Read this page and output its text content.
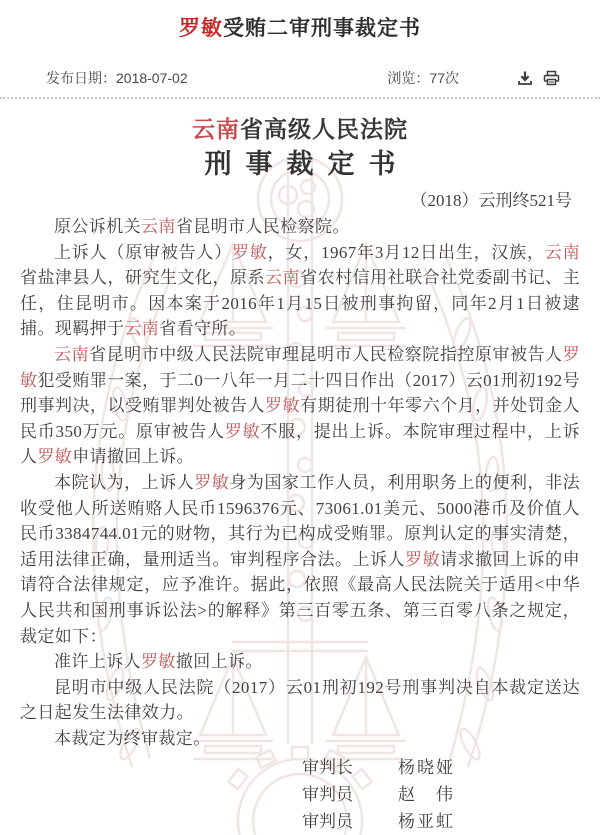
罗敏受贿二审刑事裁定书
发布日期：2018-07-02	浏览：77次
云南省高级人民法院
刑事裁定书
（2018）云刑终521号

原公诉机关云南省昆明市人民检察院。

上诉人（原审被告人）罗敏，女，1967年3月12日出生，汉族，云南省盐津县人，研究生文化，原系云南省农村信用社联合社党委副书记、主任，住昆明市。因本案于2016年1月15日被刑事拘留，同年2月1日被逮捕。现羁押于云南省看守所。

云南省昆明市中级人民法院审理昆明市人民检察院指控原审被告人罗敏犯受贿罪一案，于二0一八年一月二十四日作出（2017）云01刑初192号刑事判决，以受贿罪判处被告人罗敏有期徒刑十年零六个月，并处罚金人民币350万元。原审被告人罗敏不服，提出上诉。本院审理过程中，上诉人罗敏申请撤回上诉。

本院认为，上诉人罗敏身为国家工作人员，利用职务上的便利，非法收受他人所送贿赂人民币1596376元、73061.01美元、5000港币及价值人民币3384744.01元的财物，其行为已构成受贿罪。原判认定的事实清楚，适用法律正确，量刑适当。审判程序合法。上诉人罗敏请求撤回上诉的申请符合法律规定，应予准许。据此，依照《最高人民法院关于适用<中华人民共和国刑事诉讼法>的解释》第三百零五条、第三百零八条之规定，裁定如下：

准许上诉人罗敏撤回上诉。

昆明市中级人民法院（2017）云01刑初192号刑事判决自本裁定送达之日起发生法律效力。

本裁定为终审裁定。

审判长	杨晓娅
审判员	赵　伟
审判员	杨亚虹
